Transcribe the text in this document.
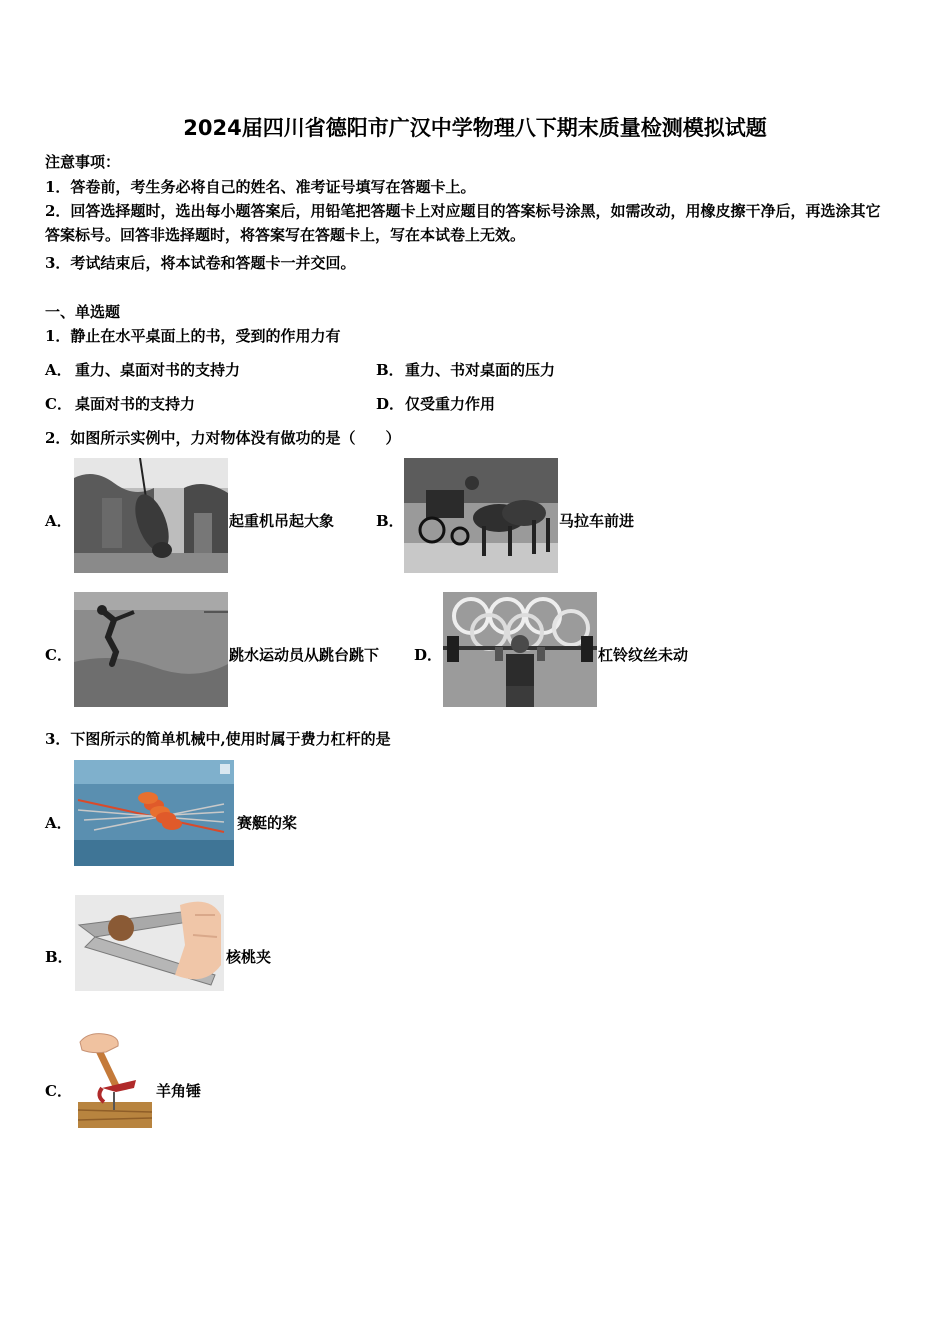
2024届四川省德阳市广汉中学物理八下期末质量检测模拟试题
注意事项：
1．答卷前，考生务必将自己的姓名、准考证号填写在答题卡上。
2．回答选择题时，选出每小题答案后，用铅笔把答题卡上对应题目的答案标号涂黑，如需改动，用橡皮擦干净后，再选涂其它答案标号。回答非选择题时，将答案写在答题卡上，写在本试卷上无效。
3．考试结束后，将本试卷和答题卡一并交回。
一、单选题
1．静止在水平桌面上的书，受到的作用力有
A． 重力、桌面对书的支持力	B． 重力、书对桌面的压力
C． 桌面对书的支持力	D． 仅受重力作用
2．如图所示实例中，力对物体没有做功的是（　　）
A．	起重机吊起大象	B．	马拉车前进
C．	跳水运动员从跳台跳下 D．	杠铃纹丝未动
3．下图所示的简单机械中,使用时属于费力杠杆的是
A．	赛艇的桨
B．	核桃夹
C．	羊角锤
